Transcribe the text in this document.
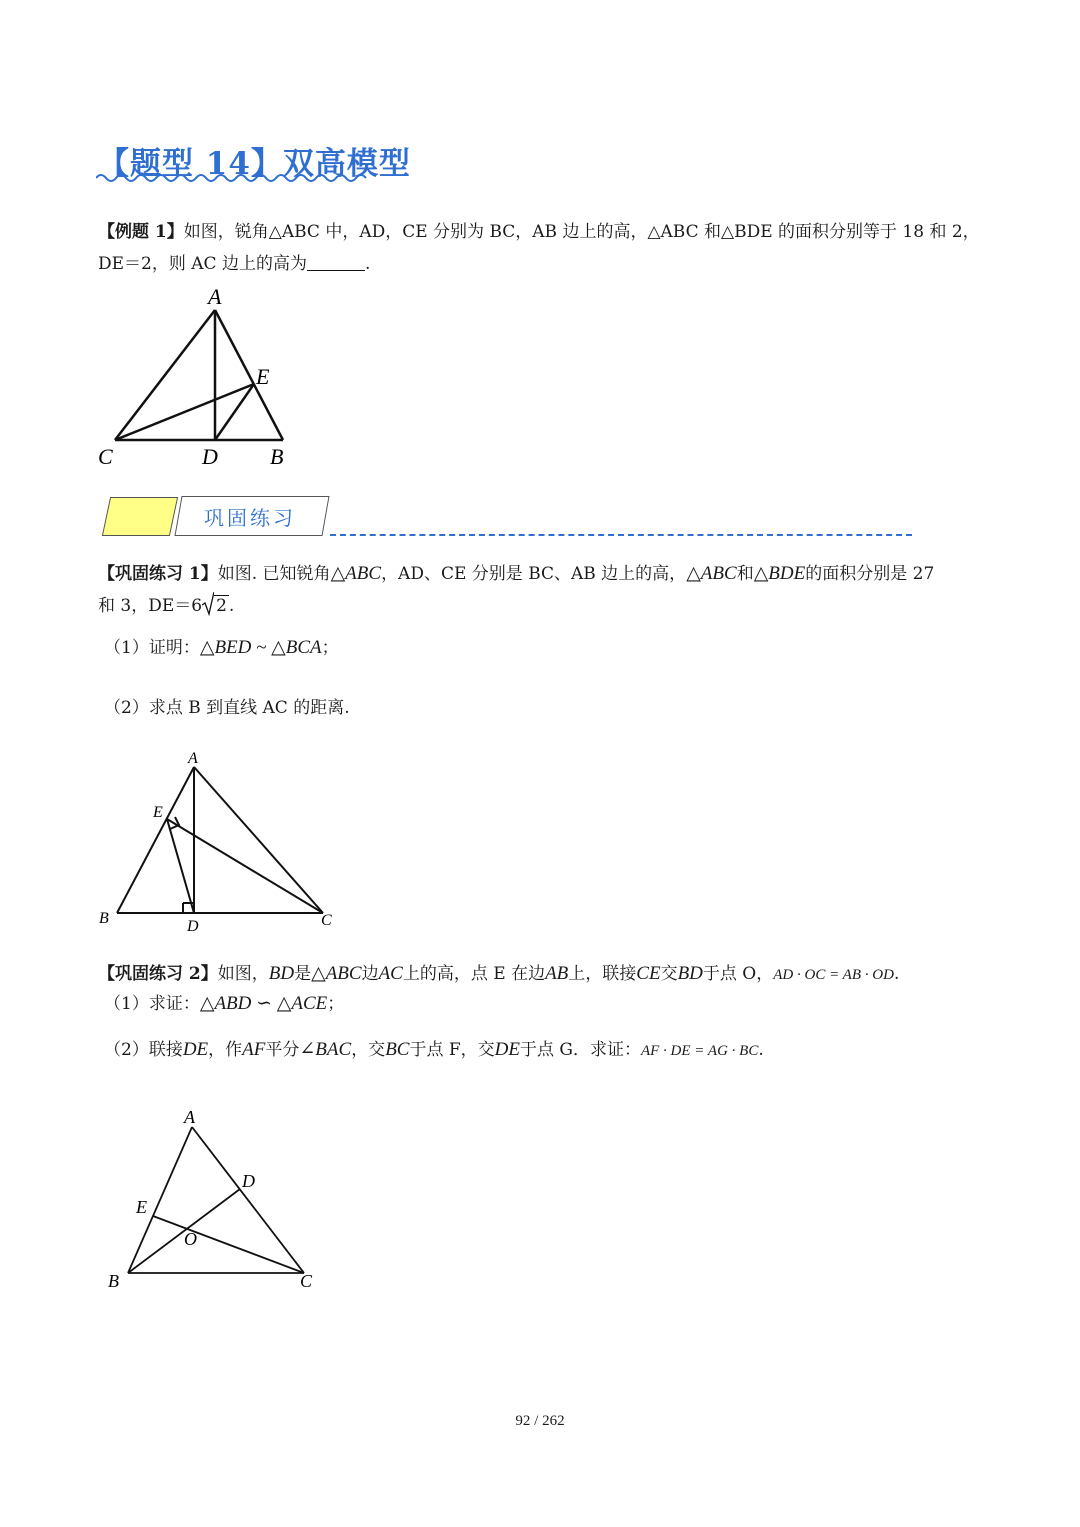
【题型 14】双高模型
【例题 1】如图，锐角△ABC 中，AD，CE 分别为 BC，AB 边上的高，△ABC 和△BDE 的面积分别等于 18 和 2，
DE＝2，则 AC 边上的高为	.
A
E
C	D B
巩固练习
【巩固练习 1】如图. 已知锐角△ABC，AD、CE 分别是 BC、AB 边上的高，△ABC和△BDE的面积分别是 27
和 3，DE＝6 2 .
（1）证明：△BED ~ △BCA；
（2）求点 B 到直线 AC 的距离.
A
E
B	D	C
【巩固练习 2】如图，BD是△ABC边AC上的高，点 E 在边AB上，联接CE交BD于点 O，AD · OC = AB · OD.
（1）求证：△ABD ∽ △ACE；
（2）联接DE，作AF平分∠BAC，交BC于点 F，交DE于点 G．求证：AF · DE = AG · BC.
A
D
E
O
B	C
92 / 262
